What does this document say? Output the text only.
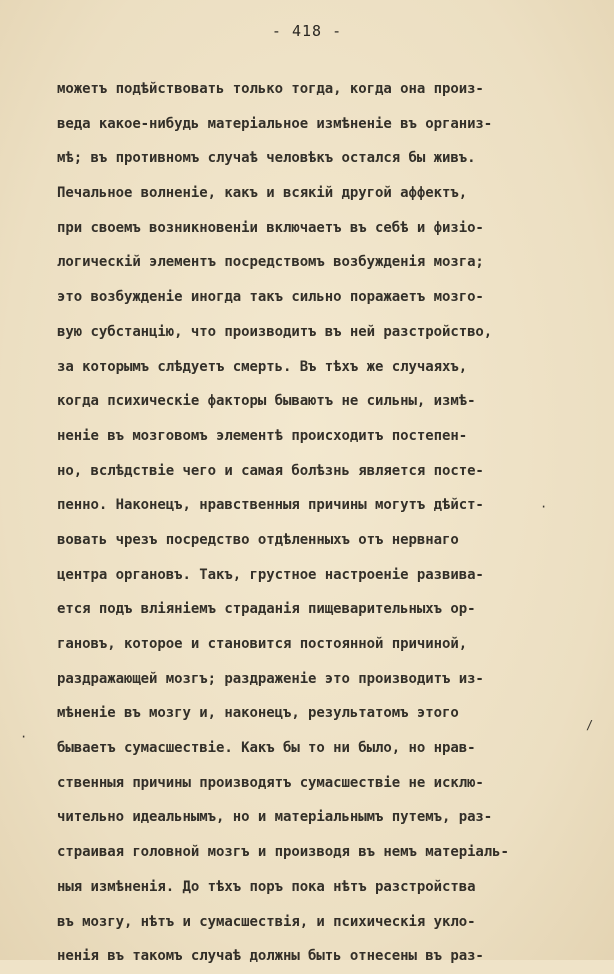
- 418 -
можетъ подѣйствовать только тогда, когда она произ-
веда какое-нибудь матерiальное измѣненiе въ организ-
мѣ; въ противномъ случаѣ человѣкъ остался бы живъ.
Печальное волненiе, какъ и всякiй другой аффектъ,
при своемъ возникновенiи включаетъ въ себѣ и физiо-
логическiй элементъ посредствомъ возбужденiя мозга;
это возбужденiе иногда такъ сильно поражаетъ мозго-
вую субстанцiю, что производитъ въ ней разстройство,
за которымъ слѣдуетъ смерть. Въ тѣхъ же случаяхъ,
когда психическiе факторы бываютъ не сильны, измѣ-
ненiе въ мозговомъ элементѣ происходитъ постепен-
но, вслѣдствiе чего и самая болѣзнь является посте-
пенно. Наконецъ, нравственныя причины могутъ дѣйст-
вовать чрезъ посредство отдѣленныхъ отъ нервнаго
центра органовъ. Такъ, грустное настроенiе развива-
ется подъ влiянiемъ страданiя пищеварительныхъ ор-
гановъ, которое и становится постоянной причиной,
раздражающей мозгъ; раздраженiе это производитъ из-
мѣненiе въ мозгу и, наконецъ, результатомъ этого
бываетъ сумасшествiе. Какъ бы то ни было, но нрав-
ственныя причины производятъ сумасшествiе не исклю-
чительно идеальнымъ, но и матерiальнымъ путемъ, раз-
страивая головной мозгъ и производя въ немъ матерiаль-
ныя измѣненiя. До тѣхъ поръ пока нѣтъ разстройства
въ мозгу, нѣтъ и сумасшествiя, и психическiя укло-
ненiя въ такомъ случаѣ должны быть отнесены въ раз-
·
·
/
